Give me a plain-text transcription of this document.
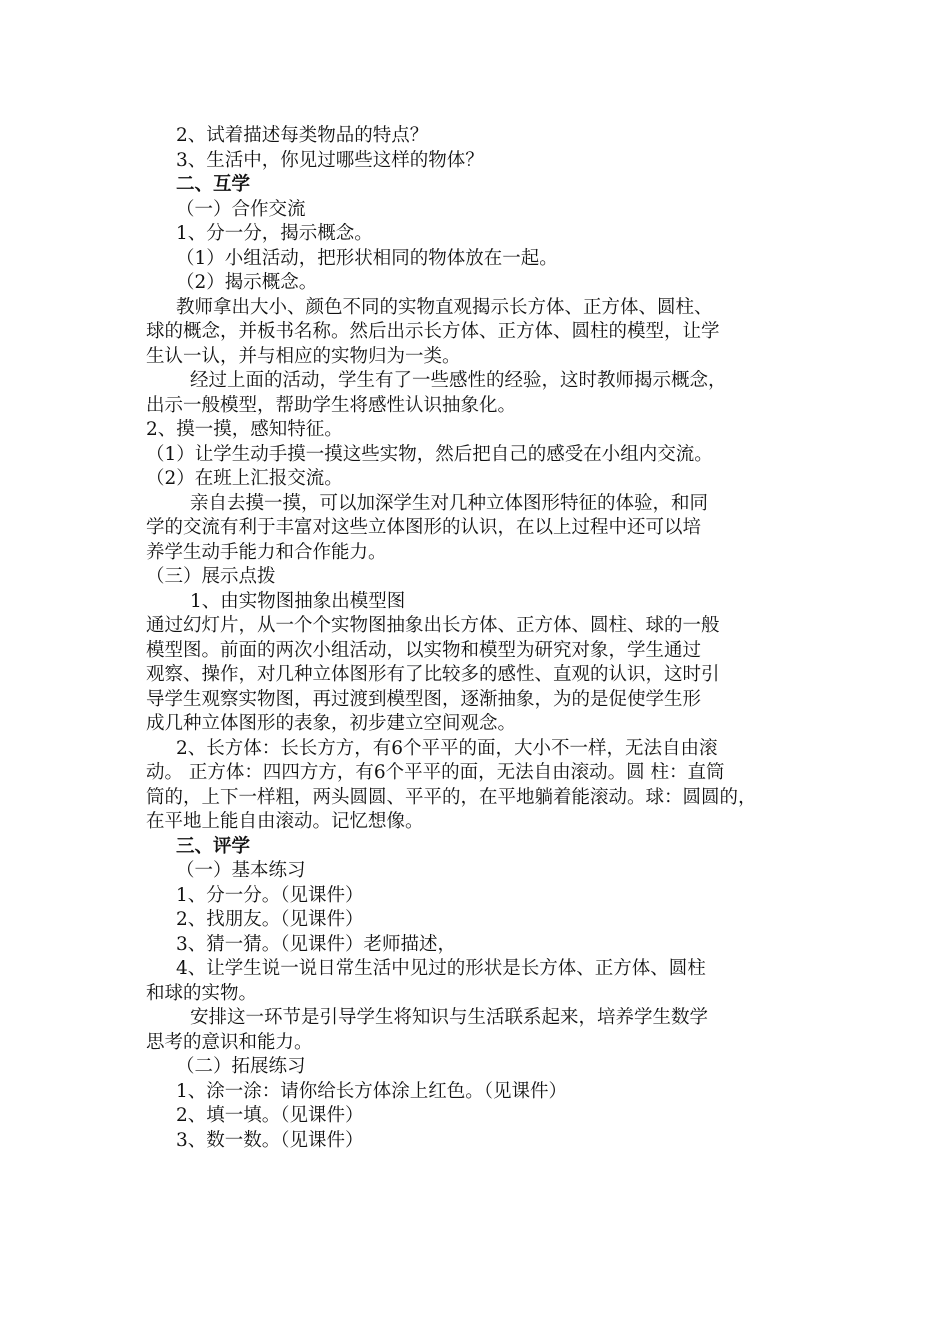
2、试着描述每类物品的特点？

3、生活中，你见过哪些这样的物体？

二、互学

（一）合作交流

1、分一分，揭示概念。

（1）小组活动，把形状相同的物体放在一起。

（2）揭示概念。

教师拿出大小、颜色不同的实物直观揭示长方体、正方体、圆柱、

球的概念，并板书名称。然后出示长方体、正方体、圆柱的模型，让学

生认一认，并与相应的实物归为一类。

经过上面的活动，学生有了一些感性的经验，这时教师揭示概念，

出示一般模型，帮助学生将感性认识抽象化。

2、摸一摸，感知特征。

（1）让学生动手摸一摸这些实物，然后把自己的感受在小组内交流。

（2）在班上汇报交流。

亲自去摸一摸，可以加深学生对几种立体图形特征的体验，和同

学的交流有利于丰富对这些立体图形的认识，在以上过程中还可以培

养学生动手能力和合作能力。

（三）展示点拨

1、由实物图抽象出模型图

通过幻灯片，从一个个实物图抽象出长方体、正方体、圆柱、球的一般

模型图。前面的两次小组活动，以实物和模型为研究对象，学生通过

观察、操作，对几种立体图形有了比较多的感性、直观的认识，这时引

导学生观察实物图，再过渡到模型图，逐渐抽象，为的是促使学生形

成几种立体图形的表象，初步建立空间观念。

2、长方体：长长方方，有6个平平的面，大小不一样，无法自由滚

动。 正方体：四四方方，有6个平平的面，无法自由滚动。圆 柱：直筒

筒的，上下一样粗，两头圆圆、平平的，在平地躺着能滚动。球：圆圆的，

在平地上能自由滚动。记忆想像。

三、评学

（一）基本练习

1、分一分。（见课件）

2、找朋友。（见课件）

3、猜一猜。（见课件）老师描述，

4、让学生说一说日常生活中见过的形状是长方体、正方体、圆柱

和球的实物。

安排这一环节是引导学生将知识与生活联系起来，培养学生数学

思考的意识和能力。

（二）拓展练习

1、涂一涂：请你给长方体涂上红色。（见课件）

2、填一填。（见课件）

3、数一数。（见课件）
